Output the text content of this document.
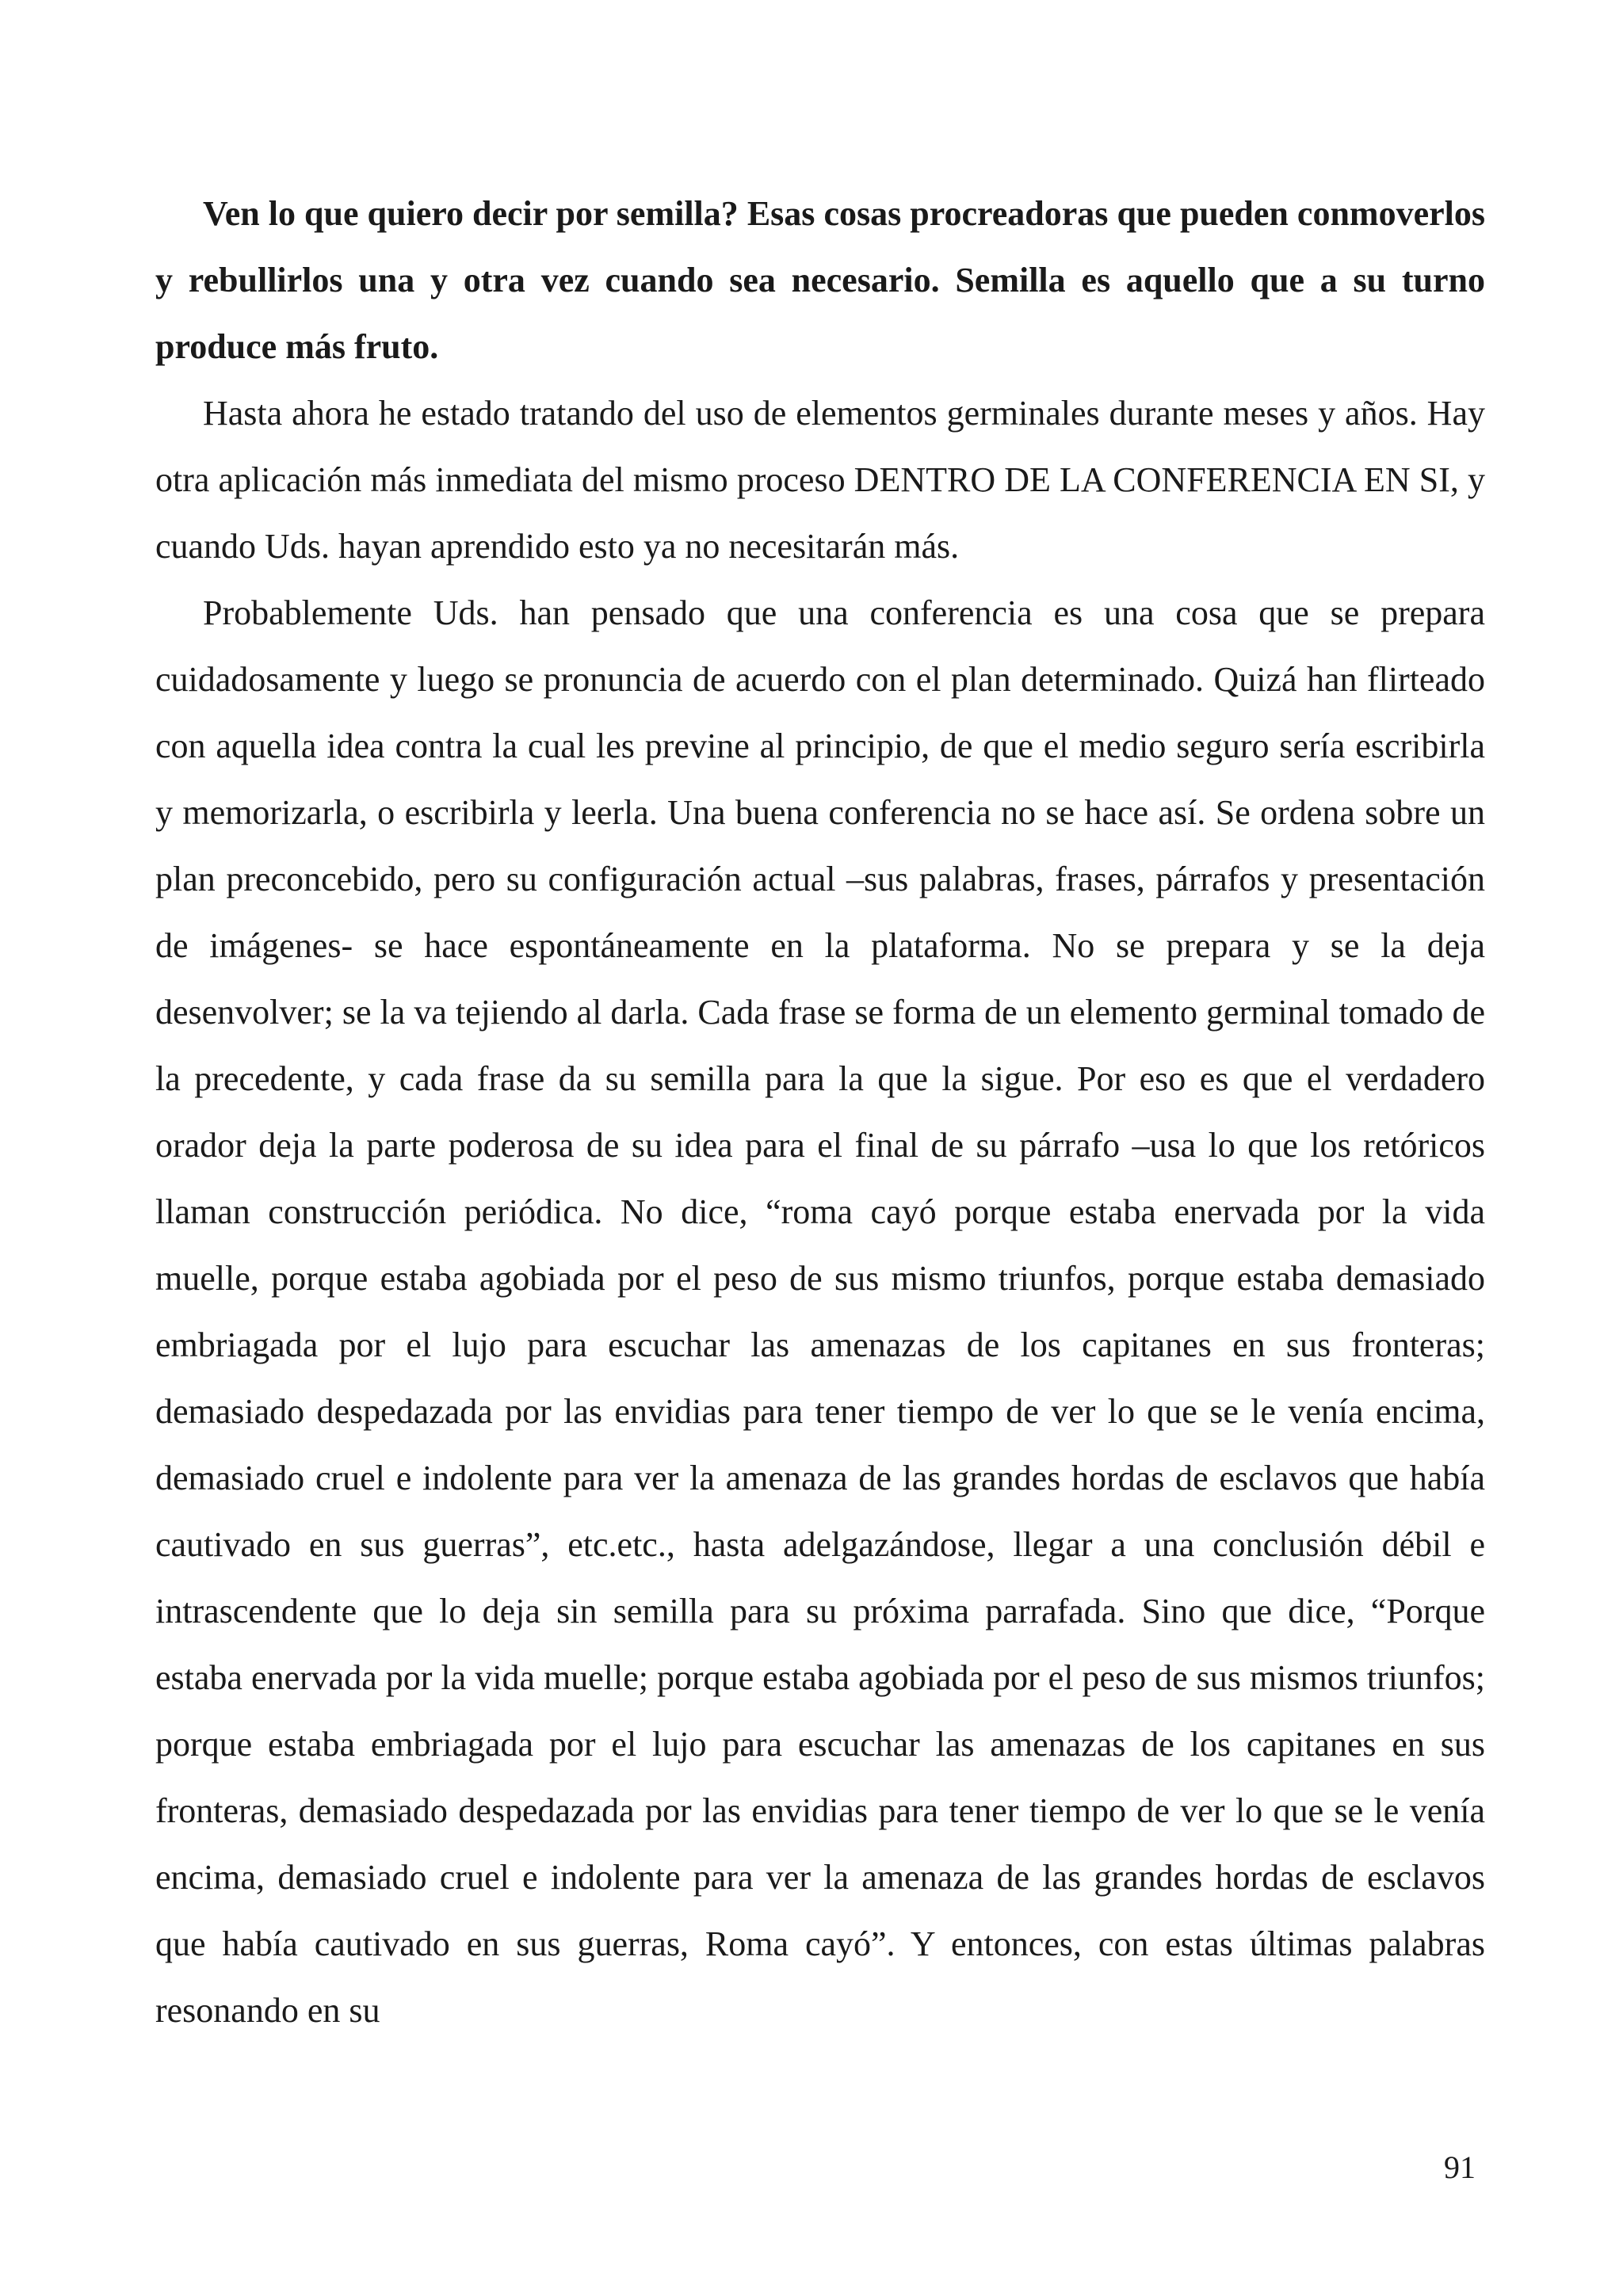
Ven lo que quiero decir por semilla? Esas cosas procreadoras que pueden conmoverlos y rebullirlos una y otra vez cuando sea necesario. Semilla es aquello que a su turno produce más fruto.

Hasta ahora he estado tratando del uso de elementos germinales durante meses y años. Hay otra aplicación más inmediata del mismo proceso DENTRO DE LA CONFERENCIA EN SI, y cuando Uds. hayan aprendido esto ya no necesitarán más.

Probablemente Uds. han pensado que una conferencia es una cosa que se prepara cuidadosamente y luego se pronuncia de acuerdo con el plan determinado. Quizá han flirteado con aquella idea contra la cual les previne al principio, de que el medio seguro sería escribirla y memorizarla, o escribirla y leerla. Una buena conferencia no se hace así. Se ordena sobre un plan preconcebido, pero su configuración actual –sus palabras, frases, párrafos y presentación de imágenes- se hace espontáneamente en la plataforma. No se prepara y se la deja desenvolver; se la va tejiendo al darla. Cada frase se forma de un elemento germinal tomado de la precedente, y cada frase da su semilla para la que la sigue. Por eso es que el verdadero orador deja la parte poderosa de su idea para el final de su párrafo –usa lo que los retóricos llaman construcción periódica. No dice, “roma cayó porque estaba enervada por la vida muelle, porque estaba agobiada por el peso de sus mismo triunfos, porque estaba demasiado embriagada por el lujo para escuchar las amenazas de los capitanes en sus fronteras; demasiado despedazada por las envidias para tener tiempo de ver lo que se le venía encima, demasiado cruel e indolente para ver la amenaza de las grandes hordas de esclavos que había cautivado en sus guerras”, etc.etc., hasta adelgazándose, llegar a una conclusión débil e intrascendente que lo deja sin semilla para su próxima parrafada. Sino que dice, “Porque estaba enervada por la vida muelle; porque estaba agobiada por el peso de sus mismos triunfos; porque estaba embriagada por el lujo para escuchar las amenazas de los capitanes en sus fronteras, demasiado despedazada por las envidias para tener tiempo de ver lo que se le venía encima, demasiado cruel e indolente para ver la amenaza de las grandes hordas de esclavos que había cautivado en sus guerras, Roma cayó”. Y entonces, con estas últimas palabras resonando en su

91
